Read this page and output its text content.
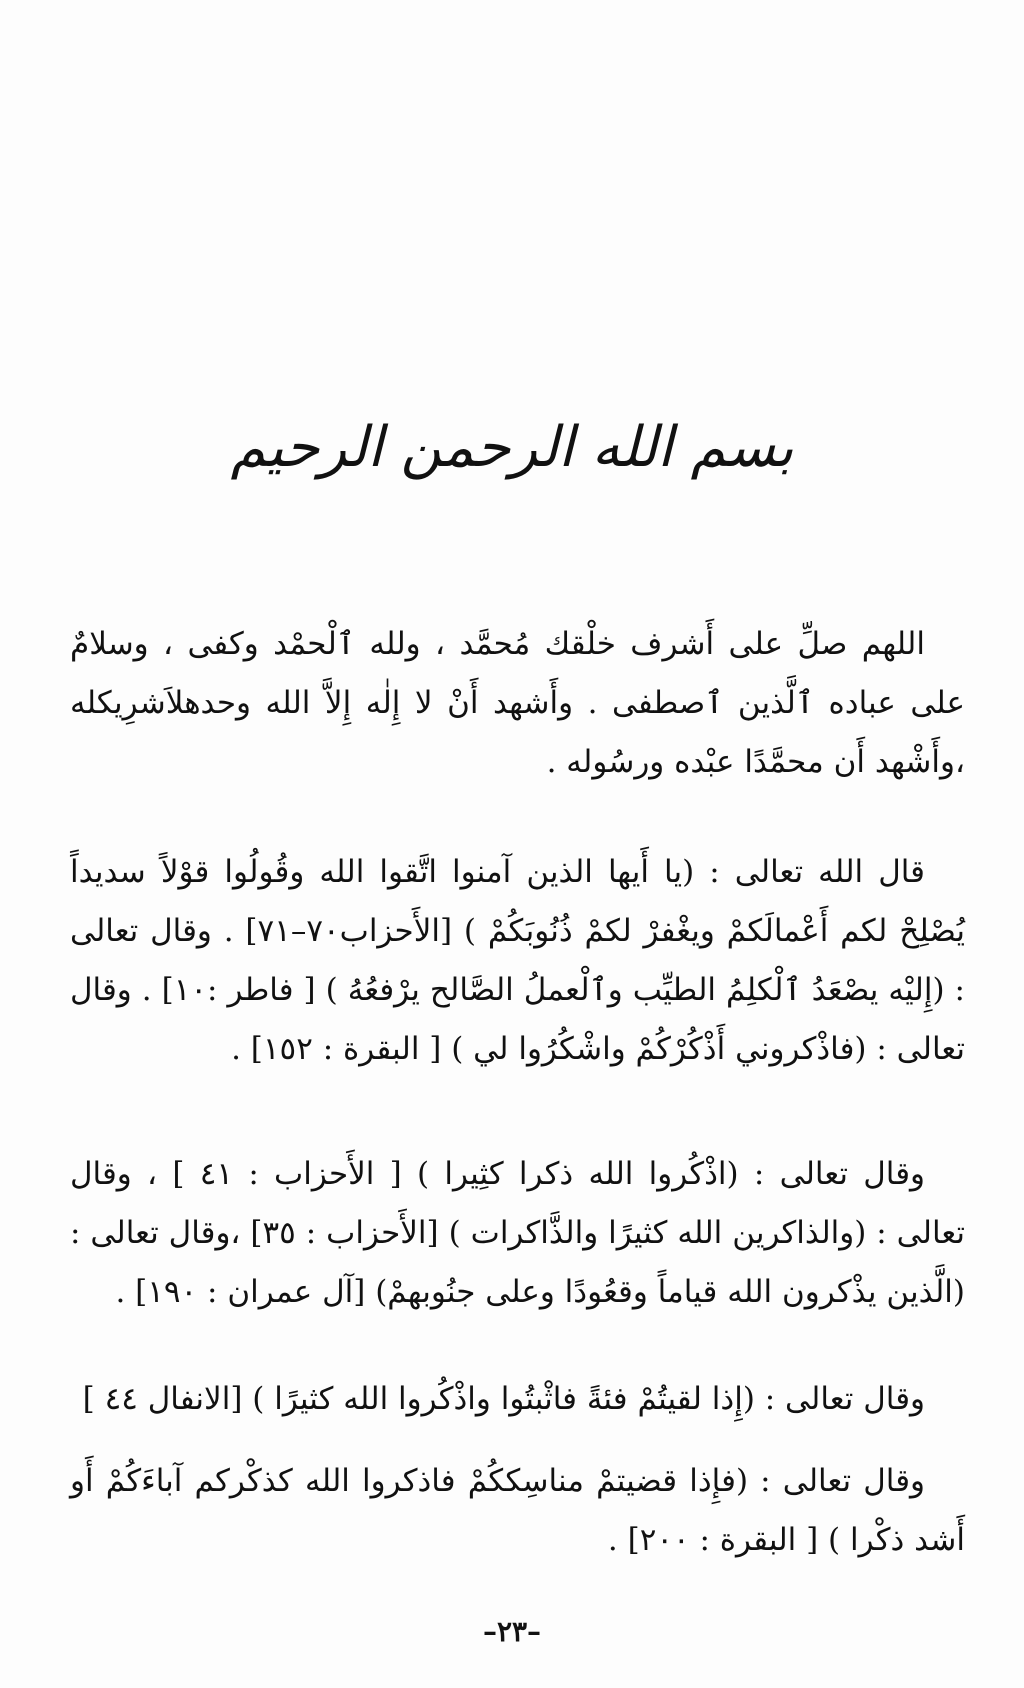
بسم الله الرحمن الرحيم

اللهم صلِّ على أَشرف خلْقك مُحمَّد ، ولله ٱلْحمْد وكفى ، وسلامٌ على عباده ٱلَّذين ٱصطفى . وأَشهد أَنْ لا إِلٰه إِلاَّ الله وحدهلاَشرِيكله ،وأَشْهد أَن محمَّدًا عبْده ورسُوله .

قال الله تعالى : (يا أَيها الذين آمنوا اتَّقوا الله وقُولُوا قوْلاً سديداً يُصْلِحْ لكم أَعْمالَكمْ ويغْفرْ لكمْ ذُنُوبَكُمْ ) [الأَحزاب٧٠–٧١] . وقال تعالى : (إِليْه يصْعَدُ ٱلْكلِمُ الطيِّب وٱلْعملُ الصَّالح يرْفعُهُ ) [ فاطر :١٠] . وقال تعالى : (فاذْكروني أَذْكُرْكُمْ واشْكُرُوا لي ) [ البقرة : ١٥٢] .

وقال تعالى : (اذْكُروا الله ذكرا كثِيرا ) [ الأَحزاب : ٤١ ] ، وقال تعالى : (والذاكرين الله كثيرًا والذَّاكرات ) [الأَحزاب : ٣٥] ،وقال تعالى : (الَّذين يذْكرون الله قياماً وقعُودًا وعلى جنُوبهمْ) [آل عمران : ١٩٠] .

وقال تعالى : (إِذا لقيتُمْ فئةً فاثْبتُوا واذْكُروا الله كثيرًا ) [الانفال ٤٤ ]

وقال تعالى : (فإِذا قضيتمْ مناسِككُمْ فاذكروا الله كذكْركم آباءَكُمْ أَو أَشد ذكْرا ) [ البقرة : ٢٠٠] .

–٢٣–
